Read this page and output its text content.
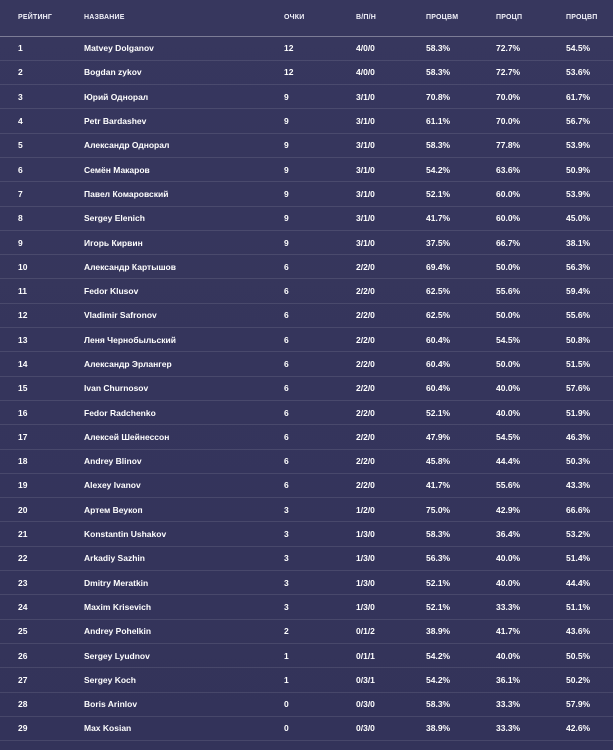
РЕЙТИНГ	НАЗВАНИЕ	ОЧКИ	В/П/Н	ПРОЦВМ	ПРОЦП	ПРОЦВП
1	Matvey Dolganov	12	4/0/0	58.3%	72.7%	54.5%
2	Bogdan zykov	12	4/0/0	58.3%	72.7%	53.6%
3	Юрий Однорал	9	3/1/0	70.8%	70.0%	61.7%
4	Petr Bardashev	9	3/1/0	61.1%	70.0%	56.7%
5	Александр Однорал	9	3/1/0	58.3%	77.8%	53.9%
6	Семён Макаров	9	3/1/0	54.2%	63.6%	50.9%
7	Павел Комаровский	9	3/1/0	52.1%	60.0%	53.9%
8	Sergey Elenich	9	3/1/0	41.7%	60.0%	45.0%
9	Игорь Кирвин	9	3/1/0	37.5%	66.7%	38.1%
10	Александр Картышов	6	2/2/0	69.4%	50.0%	56.3%
11	Fedor Klusov	6	2/2/0	62.5%	55.6%	59.4%
12	Vladimir Safronov	6	2/2/0	62.5%	50.0%	55.6%
13	Леня Чернобыльский	6	2/2/0	60.4%	54.5%	50.8%
14	Александр Эрлангер	6	2/2/0	60.4%	50.0%	51.5%
15	Ivan Churnosov	6	2/2/0	60.4%	40.0%	57.6%
16	Fedor Radchenko	6	2/2/0	52.1%	40.0%	51.9%
17	Алексей Шейнессон	6	2/2/0	47.9%	54.5%	46.3%
18	Andrey Blinov	6	2/2/0	45.8%	44.4%	50.3%
19	Alexey Ivanov	6	2/2/0	41.7%	55.6%	43.3%
20	Артем Веукоп	3	1/2/0	75.0%	42.9%	66.6%
21	Konstantin Ushakov	3	1/3/0	58.3%	36.4%	53.2%
22	Arkadiy Sazhin	3	1/3/0	56.3%	40.0%	51.4%
23	Dmitry Meratkin	3	1/3/0	52.1%	40.0%	44.4%
24	Maxim Krisevich	3	1/3/0	52.1%	33.3%	51.1%
25	Andrey Pohelkin	2	0/1/2	38.9%	41.7%	43.6%
26	Sergey Lyudnov	1	0/1/1	54.2%	40.0%	50.5%
27	Sergey Koch	1	0/3/1	54.2%	36.1%	50.2%
28	Boris Arinlov	0	0/3/0	58.3%	33.3%	57.9%
29	Max Kosian	0	0/3/0	38.9%	33.3%	42.6%
